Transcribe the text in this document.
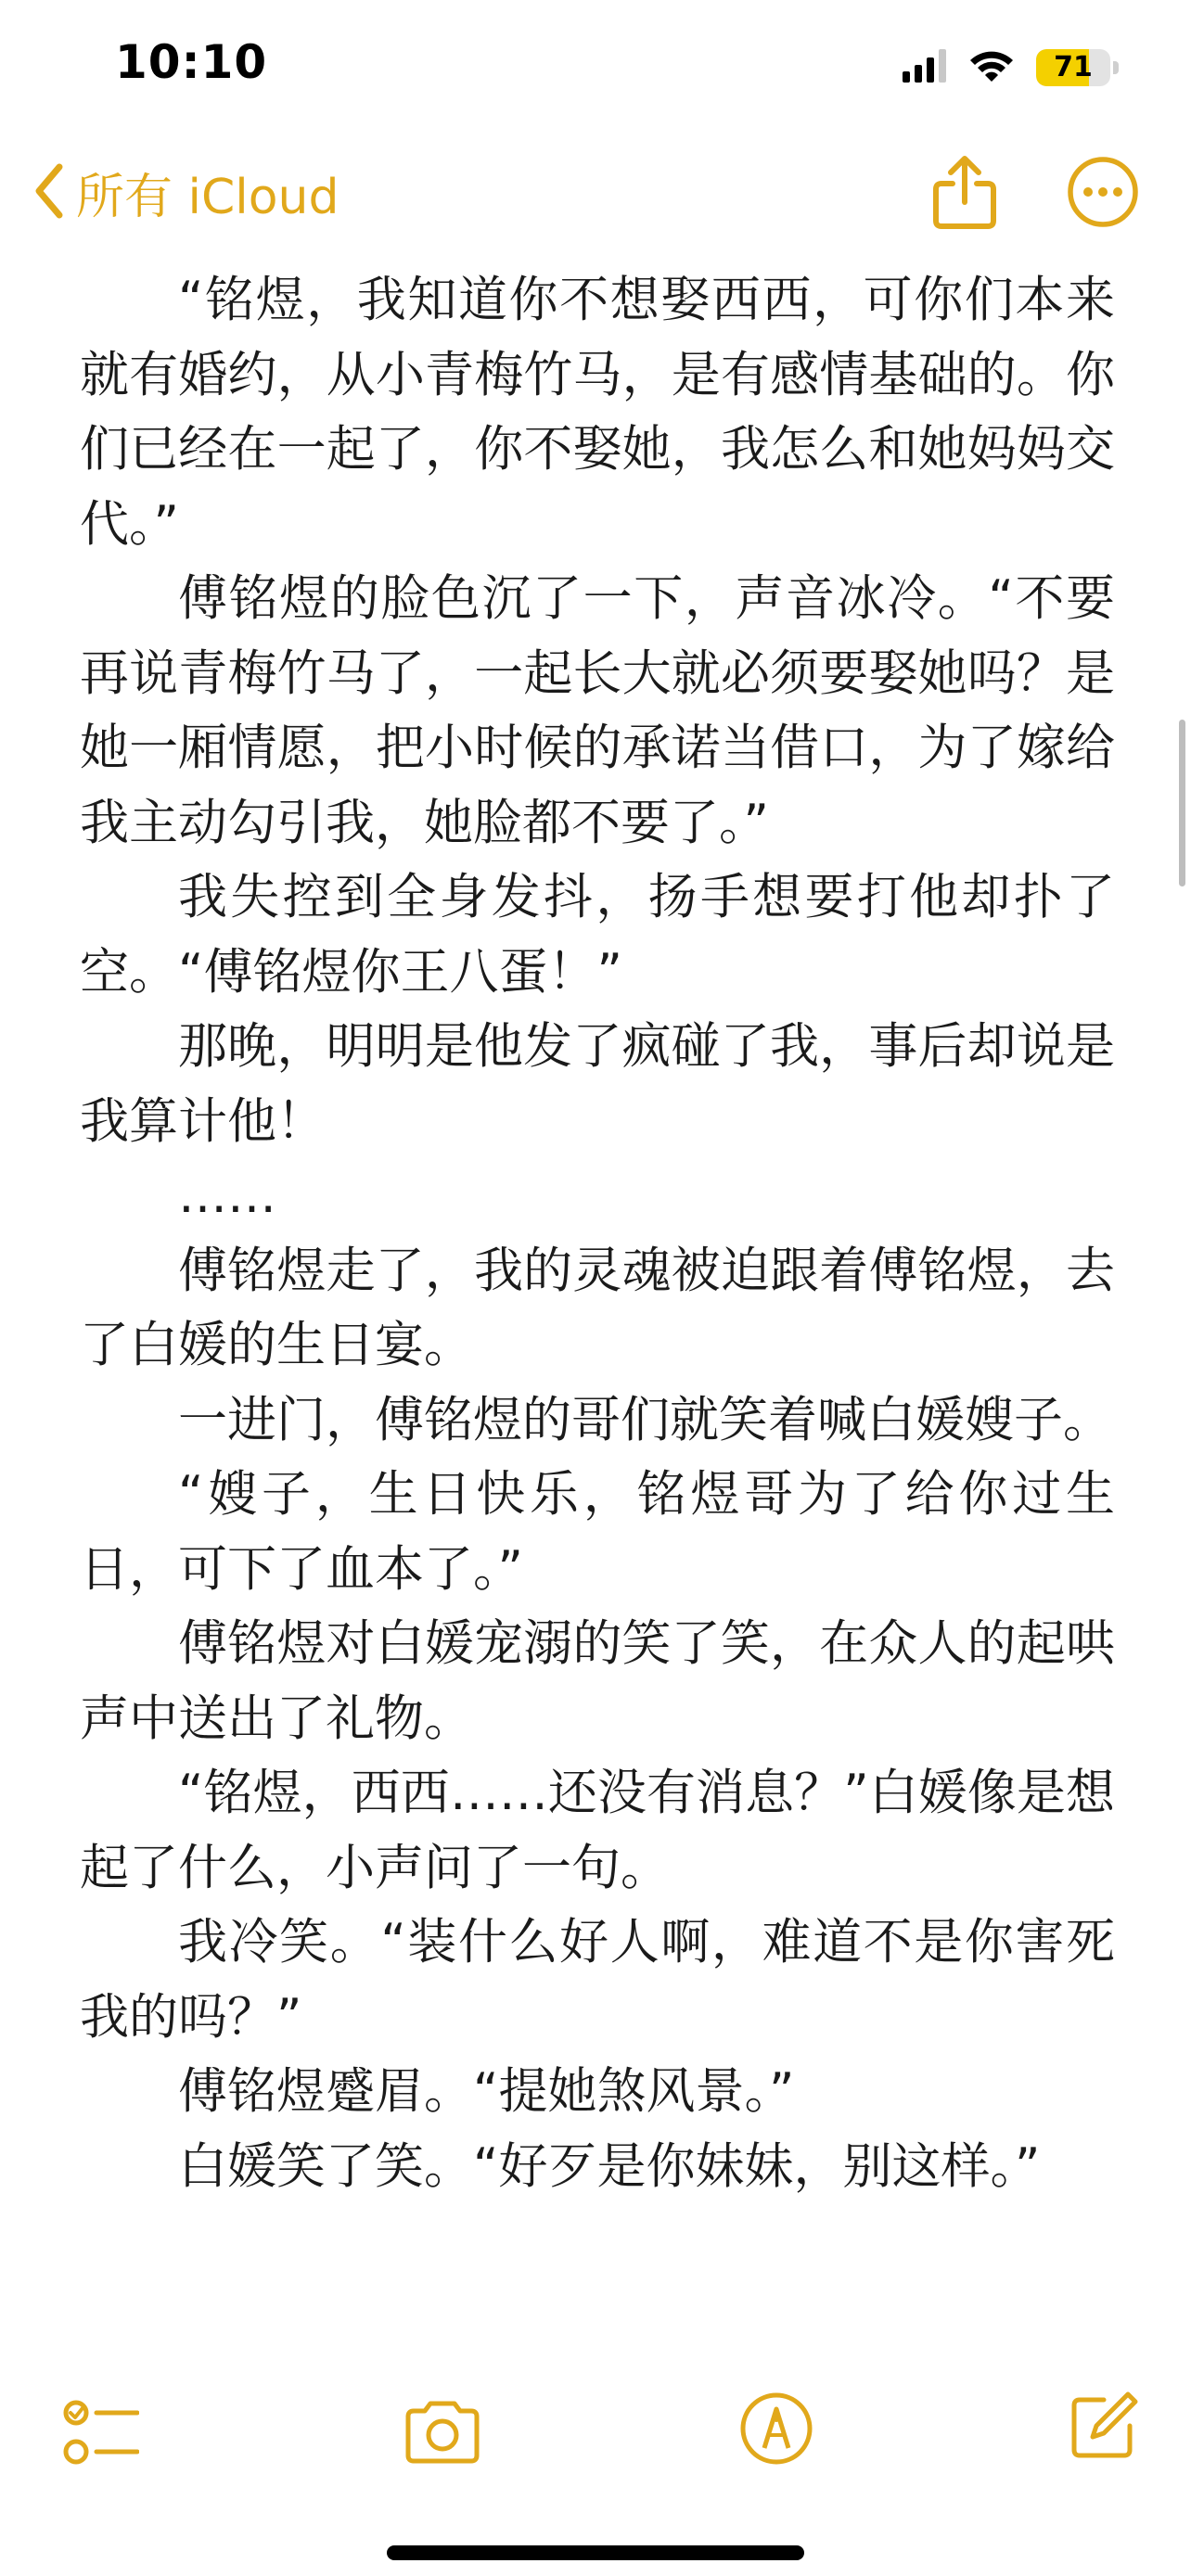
10:10	71
所有 iCloud

“铭煜，我知道你不想娶西西，可你们本来就有婚约，从小青梅竹马，是有感情基础的。你们已经在一起了，你不娶她，我怎么和她妈妈交代。”

傅铭煜的脸色沉了一下，声音冰冷。“不要再说青梅竹马了，一起长大就必须要娶她吗？是她一厢情愿，把小时候的承诺当借口，为了嫁给我主动勾引我，她脸都不要了。”

我失控到全身发抖，扬手想要打他却扑了空。“傅铭煜你王八蛋！”

那晚，明明是他发了疯碰了我，事后却说是我算计他！

……

傅铭煜走了，我的灵魂被迫跟着傅铭煜，去了白媛的生日宴。

一进门，傅铭煜的哥们就笑着喊白媛嫂子。

“嫂子，生日快乐，铭煜哥为了给你过生日，可下了血本了。”

傅铭煜对白媛宠溺的笑了笑，在众人的起哄声中送出了礼物。

“铭煜，西西……还没有消息？”白媛像是想起了什么，小声问了一句。

我冷笑。“装什么好人啊，难道不是你害死我的吗？”

傅铭煜蹙眉。“提她煞风景。”

白媛笑了笑。“好歹是你妹妹，别这样。”
